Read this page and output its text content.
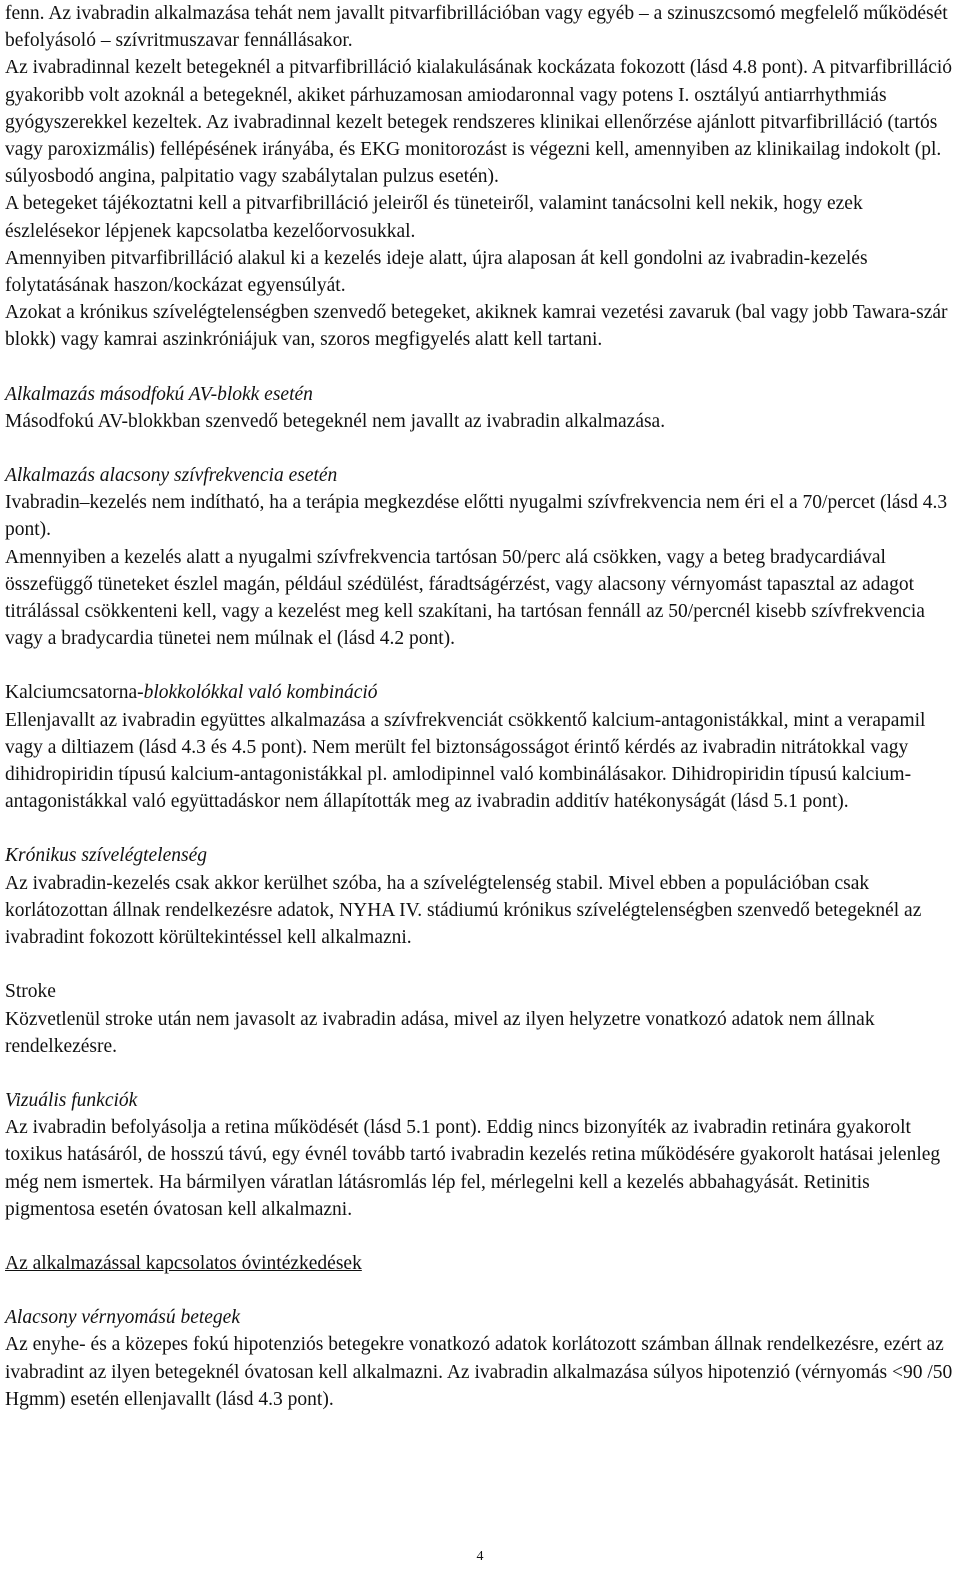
fenn. Az ivabradin alkalmazása tehát nem javallt pitvarfibrillációban vagy egyéb – a szinuszcsomó megfelelő működését befolyásoló – szívritmuszavar fennállásakor.

Az ivabradinnal kezelt betegeknél a pitvarfibrilláció kialakulásának kockázata fokozott (lásd 4.8 pont). A pitvarfibrilláció gyakoribb volt azoknál a betegeknél, akiket párhuzamosan amiodaronnal vagy potens I. osztályú antiarrhythmiás gyógyszerekkel kezeltek. Az ivabradinnal kezelt betegek rendszeres klinikai ellenőrzése ajánlott pitvarfibrilláció (tartós vagy paroxizmális) fellépésének irányába, és EKG monitorozást is végezni kell, amennyiben az klinikailag indokolt (pl. súlyosbodó angina, palpitatio vagy szabálytalan pulzus esetén).

A betegeket tájékoztatni kell a pitvarfibrilláció jeleiről és tüneteiről, valamint tanácsolni kell nekik, hogy ezek észlelésekor lépjenek kapcsolatba kezelőorvosukkal.

Amennyiben pitvarfibrilláció alakul ki a kezelés ideje alatt, újra alaposan át kell gondolni az ivabradin-kezelés folytatásának haszon/kockázat egyensúlyát.

Azokat a krónikus szívelégtelenségben szenvedő betegeket, akiknek kamrai vezetési zavaruk (bal vagy jobb Tawara-szár blokk) vagy kamrai aszinkróniájuk van, szoros megfigyelés alatt kell tartani.

Alkalmazás másodfokú AV-blokk esetén

Másodfokú AV-blokkban szenvedő betegeknél nem javallt az ivabradin alkalmazása.

Alkalmazás alacsony szívfrekvencia esetén

Ivabradin–kezelés nem indítható, ha a terápia megkezdése előtti nyugalmi szívfrekvencia nem éri el a 70/percet (lásd 4.3 pont).

Amennyiben a kezelés alatt a nyugalmi szívfrekvencia tartósan 50/perc alá csökken, vagy a beteg bradycardiával összefüggő tüneteket észlel magán, például szédülést, fáradtságérzést, vagy alacsony vérnyomást tapasztal az adagot titrálással csökkenteni kell, vagy a kezelést meg kell szakítani, ha tartósan fennáll az 50/percnél kisebb szívfrekvencia vagy a bradycardia tünetei nem múlnak el (lásd 4.2 pont).

Kalciumcsatorna-blokkolókkal való kombináció

Ellenjavallt az ivabradin együttes alkalmazása a szívfrekvenciát csökkentő kalcium-antagonistákkal, mint a verapamil vagy a diltiazem (lásd 4.3 és 4.5 pont). Nem merült fel biztonságosságot érintő kérdés az ivabradin nitrátokkal vagy dihidropiridin típusú kalcium-antagonistákkal pl. amlodipinnel való kombinálásakor. Dihidropiridin típusú kalcium-antagonistákkal való együttadáskor nem állapították meg az ivabradin additív hatékonyságát (lásd 5.1 pont).

Krónikus szívelégtelenség

Az ivabradin-kezelés csak akkor kerülhet szóba, ha a szívelégtelenség stabil. Mivel ebben a populációban csak korlátozottan állnak rendelkezésre adatok, NYHA IV. stádiumú krónikus szívelégtelenségben szenvedő betegeknél az ivabradint fokozott körültekintéssel kell alkalmazni.

Stroke

Közvetlenül stroke után nem javasolt az ivabradin adása, mivel az ilyen helyzetre vonatkozó adatok nem állnak rendelkezésre.

Vizuális funkciók

Az ivabradin befolyásolja a retina működését (lásd 5.1 pont). Eddig nincs bizonyíték az ivabradin retinára gyakorolt toxikus hatásáról, de hosszú távú, egy évnél tovább tartó ivabradin kezelés retina működésére gyakorolt hatásai jelenleg még nem ismertek. Ha bármilyen váratlan látásromlás lép fel, mérlegelni kell a kezelés abbahagyását. Retinitis pigmentosa esetén óvatosan kell alkalmazni.

Az alkalmazással kapcsolatos óvintézkedések

Alacsony vérnyomású betegek

Az enyhe- és a közepes fokú hipotenziós betegekre vonatkozó adatok korlátozott számban állnak rendelkezésre, ezért az ivabradint az ilyen betegeknél óvatosan kell alkalmazni. Az ivabradin alkalmazása súlyos hipotenzió (vérnyomás <90 /50 Hgmm) esetén ellenjavallt (lásd 4.3 pont).

4
